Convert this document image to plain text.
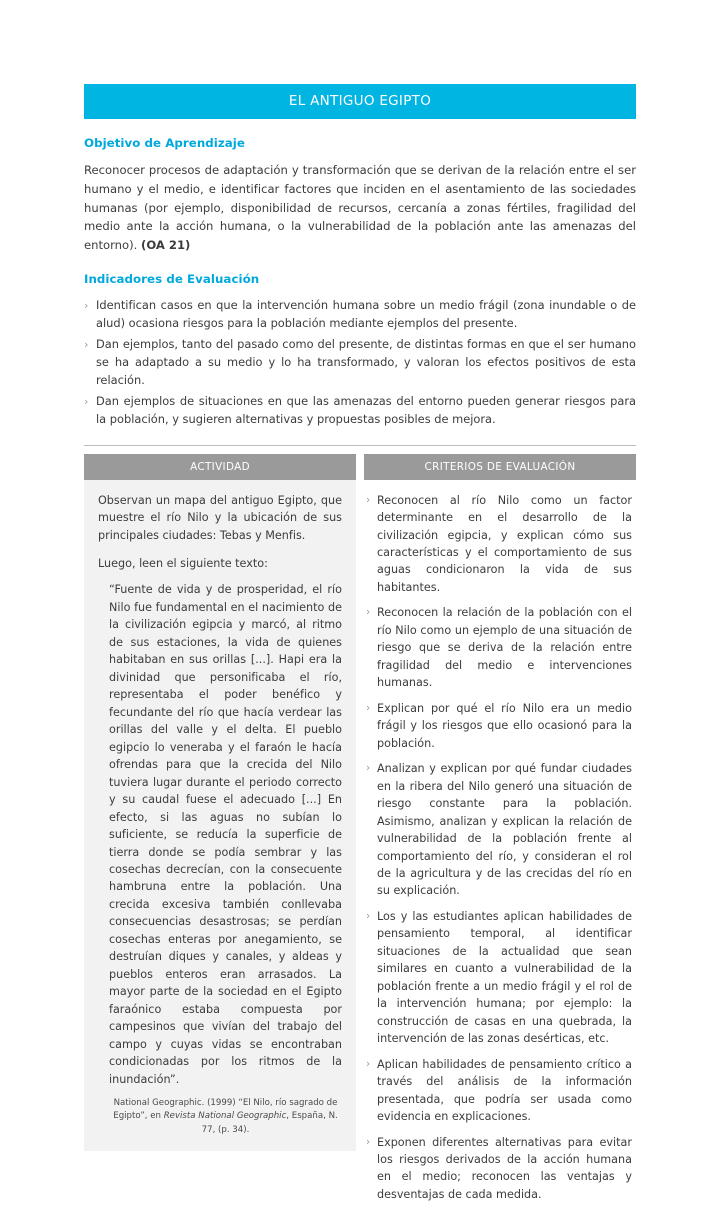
EL ANTIGUO EGIPTO
Objetivo de Aprendizaje

Reconocer procesos de adaptación y transformación que se derivan de la relación entre el ser humano y el medio, e identificar factores que inciden en el asentamiento de las sociedades humanas (por ejemplo, disponibilidad de recursos, cercanía a zonas fértiles, fragilidad del medio ante la acción humana, o la vulnerabilidad de la población ante las amenazas del entorno). (OA 21)

Indicadores de Evaluación
› Identifican casos en que la intervención humana sobre un medio frágil (zona inundable o de alud) ocasiona riesgos para la población mediante ejemplos del presente.
› Dan ejemplos, tanto del pasado como del presente, de distintas formas en que el ser humano se ha adaptado a su medio y lo ha transformado, y valoran los efectos positivos de esta relación.
› Dan ejemplos de situaciones en que las amenazas del entorno pueden generar riesgos para la población, y sugieren alternativas y propuestas posibles de mejora.
ACTIVIDAD

Observan un mapa del antiguo Egipto, que muestre el río Nilo y la ubicación de sus principales ciudades: Tebas y Menfis.

Luego, leen el siguiente texto:

“Fuente de vida y de prosperidad, el río Nilo fue fundamental en el nacimiento de la civilización egipcia y marcó, al ritmo de sus estaciones, la vida de quienes habitaban en sus orillas [...]. Hapi era la divinidad que personificaba el río, representaba el poder benéfico y fecundante del río que hacía verdear las orillas del valle y el delta. El pueblo egipcio lo veneraba y el faraón le hacía ofrendas para que la crecida del Nilo tuviera lugar durante el periodo correcto y su caudal fuese el adecuado [...] En efecto, si las aguas no subían lo suficiente, se reducía la superficie de tierra donde se podía sembrar y las cosechas decrecían, con la consecuente hambruna entre la población. Una crecida excesiva también conllevaba consecuencias desastrosas; se perdían cosechas enteras por anegamiento, se destruían diques y canales, y aldeas y pueblos enteros eran arrasados. La mayor parte de la sociedad en el Egipto faraónico estaba compuesta por campesinos que vivían del trabajo del campo y cuyas vidas se encontraban condicionadas por los ritmos de la inundación”.

National Geographic. (1999) “El Nilo, río sagrado de Egipto”, en Revista National Geographic, España, N. 77, (p. 34).

CRITERIOS DE EVALUACIÓN
› Reconocen al río Nilo como un factor determinante en el desarrollo de la civilización egipcia, y explican cómo sus características y el comportamiento de sus aguas condicionaron la vida de sus habitantes.
› Reconocen la relación de la población con el río Nilo como un ejemplo de una situación de riesgo que se deriva de la relación entre fragilidad del medio e intervenciones humanas.
› Explican por qué el río Nilo era un medio frágil y los riesgos que ello ocasionó para la población.
› Analizan y explican por qué fundar ciudades en la ribera del Nilo generó una situación de riesgo constante para la población. Asimismo, analizan y explican la relación de vulnerabilidad de la población frente al comportamiento del río, y consideran el rol de la agricultura y de las crecidas del río en su explicación.
› Los y las estudiantes aplican habilidades de pensamiento temporal, al identificar situaciones de la actualidad que sean similares en cuanto a vulnerabilidad de la población frente a un medio frágil y el rol de la intervención humana; por ejemplo: la construcción de casas en una quebrada, la intervención de las zonas desérticas, etc.
› Aplican habilidades de pensamiento crítico a través del análisis de la información presentada, que podría ser usada como evidencia en explicaciones.
› Exponen diferentes alternativas para evitar los riesgos derivados de la acción humana en el medio; reconocen las ventajas y desventajas de cada medida.
